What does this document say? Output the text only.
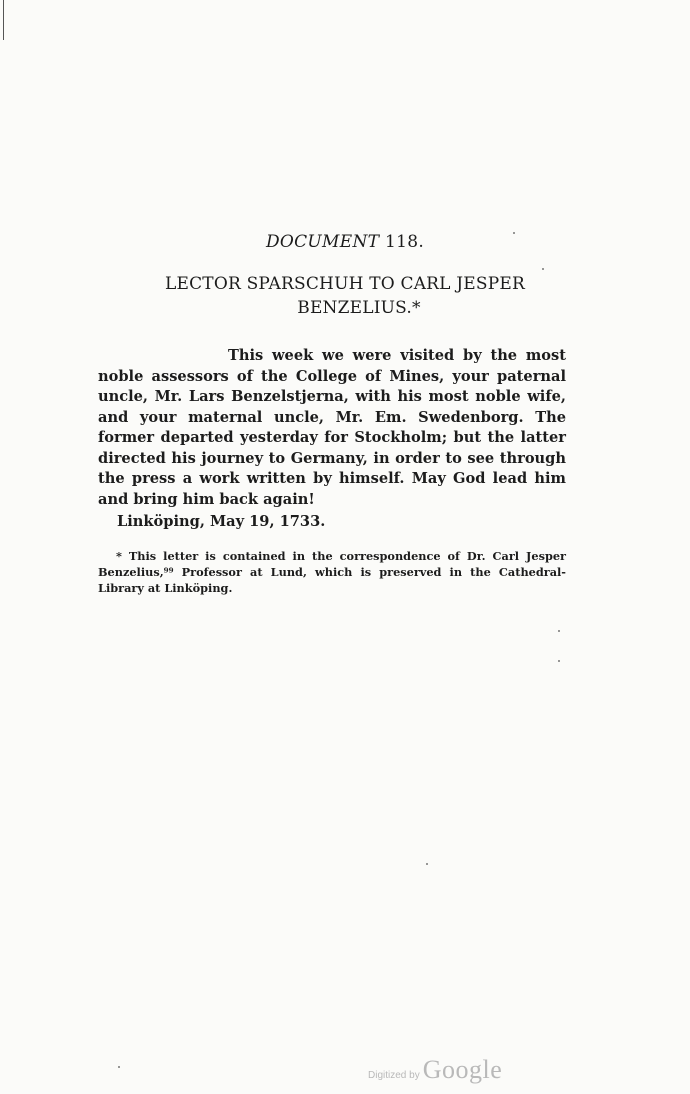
DOCUMENT 118.
LECTOR SPARSCHUH TO CARL JESPER
BENZELIUS.*
This week we were visited by the most noble assessors of the College of Mines, your paternal uncle, Mr. Lars Benzelstjerna, with his most noble wife, and your maternal uncle, Mr. Em. Swedenborg. The former departed yesterday for Stockholm; but the latter directed his journey to Germany, in order to see through the press a work written by himself. May God lead him and bring him back again!
Linköping, May 19, 1733.
* This letter is contained in the correspondence of Dr. Carl Jesper Benzelius,⁹⁹ Professor at Lund, which is preserved in the Cathedral-Library at Linköping.
Digitized by Google
